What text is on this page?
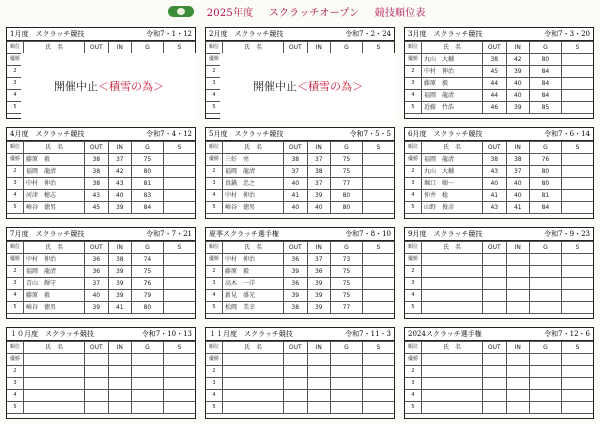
2025年度 スクラッチオープン 競技順位表
令和7・1・12
1月度　スクラッチ競技
順位	氏　名	OUT	IN	G	S
優勝					
2					
3					
4					
5					
開催中止 ＜積雪の為＞
令和7・2・24
2月度　スクラッチ競技
順位	氏　名	OUT	IN	G	S
優勝					
2					
3					
4					
5					
開催中止 ＜積雪の為＞
令和7・3・20
3月度　スクラッチ競技
順位	氏　名	OUT	IN	G	S
優勝	丸山　大輔	38	42	80	
2	中村　伸治	45	39	84	
3	藤原　毅	44	40	84	
4	福岡　龍清	44	40	84	
5	近藤　竹浩	46	39	85	
令和7・4・12
4月度　スクラッチ競技
順位	氏　名	OUT	IN	G	S
優勝	藤原　毅	38	37	75	
2	福岡　龍清	38	42	80	
3	中村　伸治	38	43	81	
4	河津　穂志	43	40	83	
5	崎谷　徳男	45	39	84	
令和7・5・5
5月度　スクラッチ競技
順位	氏　名	OUT	IN	G	S
優勝	三好　亮	38	37	75	
2	福岡　龍清	37	38	75	
3	真鍋　忠之	40	37	77	
4	中村　伸治	41	39	80	
5	崎谷　徳男	40	40	80	
令和7・6・14
6月度　スクラッチ競技
順位	氏　名	OUT	IN	G	S
優勝	福岡　龍清	38	38	76	
2	丸山　大輔	43	37	80	
3	堀口　順一	40	40	80	
4	仲井　稔	41	40	81	
5	山野　俊彦	43	41	84	
令和7・7・21
7月度　スクラッチ競技
順位	氏　名	OUT	IN	G	S
優勝	中村　伸治	36	38	74	
2	福岡　龍清	36	39	75	
3	青山　輝守	37	39	76	
4	藤原　毅	40	39	79	
5	崎谷　徳男	39	41	80	
令和7・8・10
夏季スクラッチ選手権
順位	氏　名	OUT	IN	G	S
優勝	中村　伸治	36	37	73	
2	藤原　毅	39	36	75	
3	高木　一洋	36	39	75	
4	新見　盛光	39	39	75	
5	松岡　美幸	38	39	77	
令和7・9・23
9月度　スクラッチ競技
順位	氏　名	OUT	IN	G	S
優勝					
2					
3					
4					
5					
令和7・10・13
１０月度　スクラッチ競技
順位	氏　名	OUT	IN	G	S
優勝					
2					
3					
4					
5					
令和7・11・3
１１月度　スクラッチ競技
順位	氏　名	OUT	IN	G	S
優勝					
2					
3					
4					
5					
令和7・12・6
2024スクラッチ選手権
順位	氏　名	OUT	IN	G	S
優勝					
2					
3					
4					
5					
